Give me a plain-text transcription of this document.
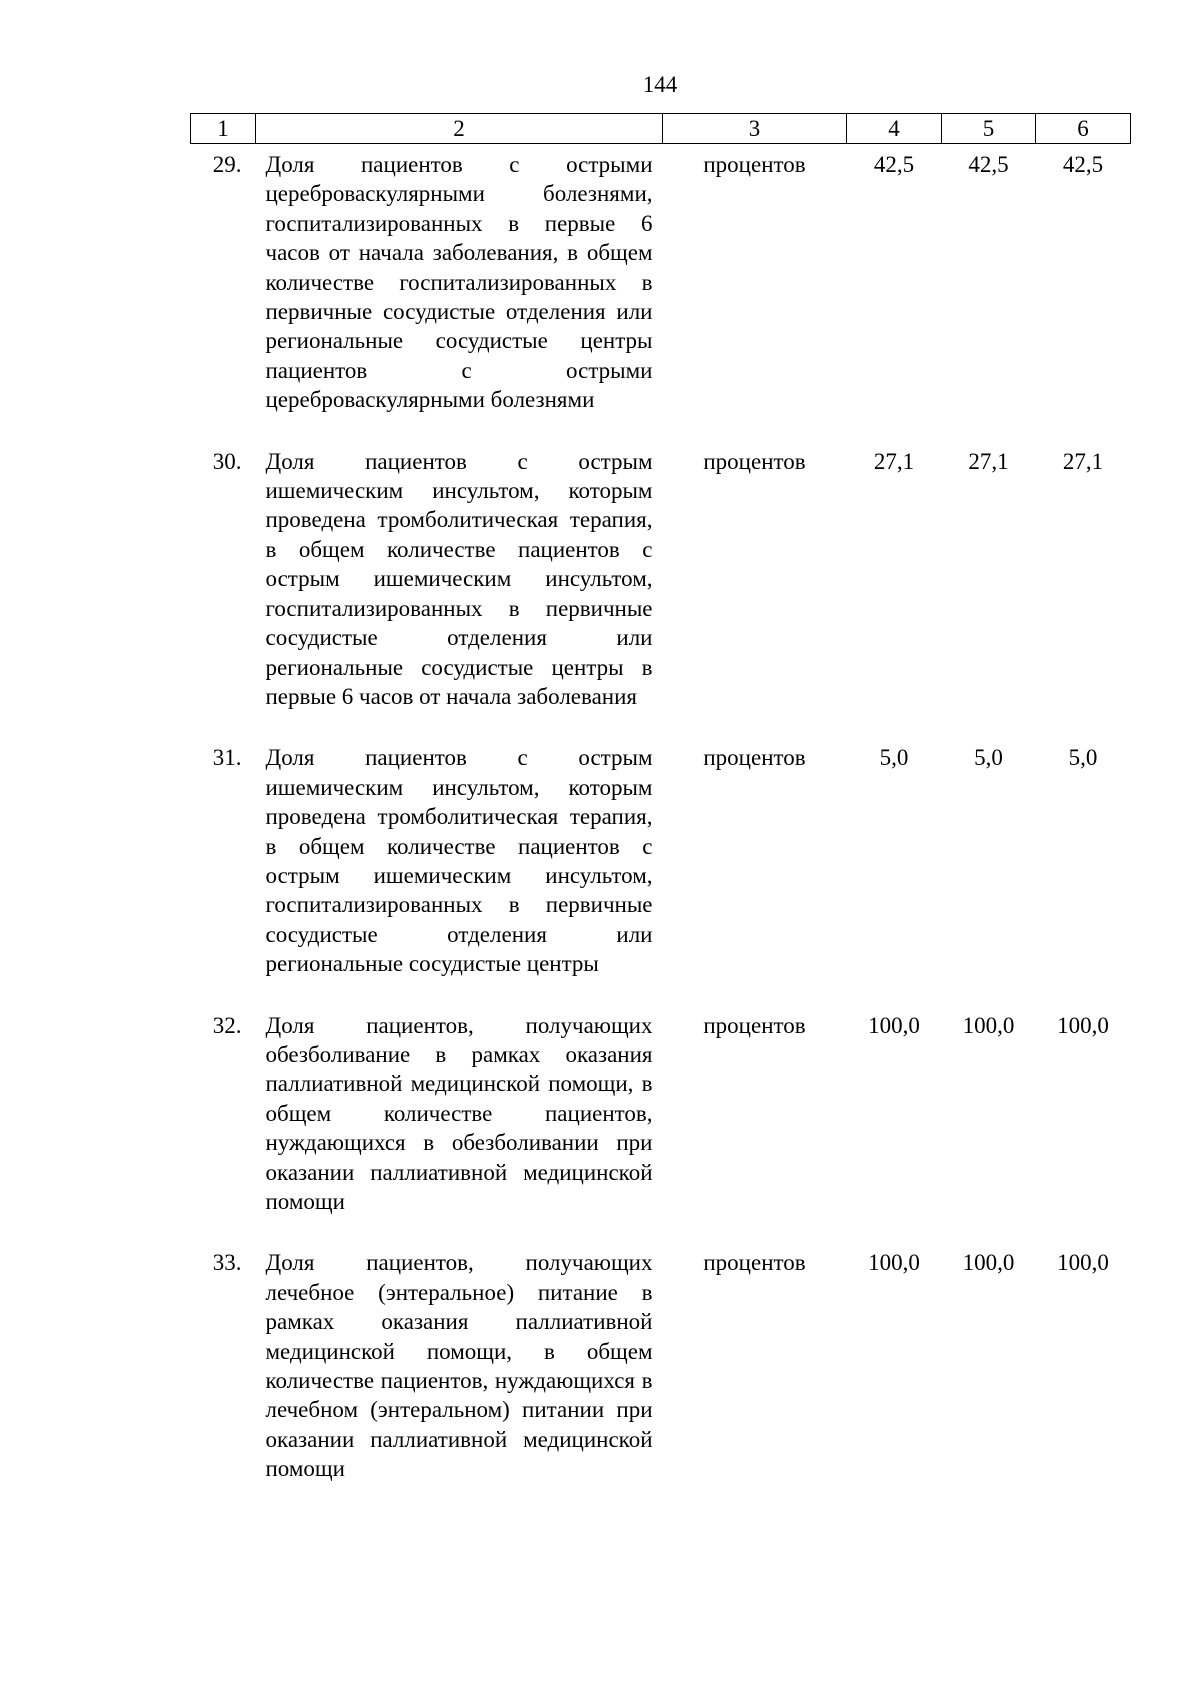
144
1	2	3	4	5	6
29.	Доля пациентов с острыми цереброваскулярными болезнями, госпитализированных в первые 6 часов от начала заболевания, в общем количестве госпитализированных в первичные сосудистые отделения или региональные сосудистые центры пациентов с острыми цереброваскулярными болезнями	процентов	42,5	42,5	42,5
30.	Доля пациентов с острым ишемическим инсультом, которым проведена тромболитическая терапия, в общем количестве пациентов с острым ишемическим инсультом, госпитализированных в первичные сосудистые отделения или региональные сосудистые центры в первые 6 часов от начала заболевания	процентов	27,1	27,1	27,1
31.	Доля пациентов с острым ишемическим инсультом, которым проведена тромболитическая терапия, в общем количестве пациентов с острым ишемическим инсультом, госпитализированных в первичные сосудистые отделения или региональные сосудистые центры	процентов	5,0	5,0	5,0
32.	Доля пациентов, получающих обезболивание в рамках оказания паллиативной медицинской помощи, в общем количестве пациентов, нуждающихся в обезболивании при оказании паллиативной медицинской помощи	процентов	100,0	100,0	100,0
33.	Доля пациентов, получающих лечебное (энтеральное) питание в рамках оказания паллиативной медицинской помощи, в общем количестве пациентов, нуждающихся в лечебном (энтеральном) питании при оказании паллиативной медицинской помощи	процентов	100,0	100,0	100,0
